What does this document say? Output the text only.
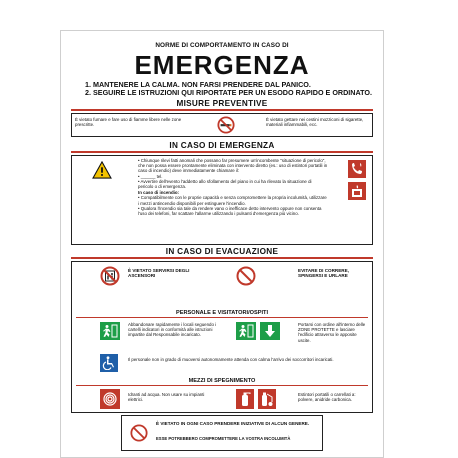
NORME DI COMPORTAMENTO IN CASO DI
EMERGENZA
1. MANTENERE LA CALMA. NON FARSI PRENDERE DAL PANICO.
2. SEGUIRE LE ISTRUZIONI QUI RIPORTATE PER UN ESODO RAPIDO E ORDINATO.
MISURE PREVENTIVE
È vietato fumare e fare uso di fiamme libere nelle zone prescritte.
È vietato gettare nei cestini mozziconi di sigarette, materiali infiammabili, ecc.
IN CASO DI EMERGENZA
• Chiunque rilevi fatti anomali che possano far presumere un'incombente "situazione di pericolo", che non possa essere prontamente eliminata con intervento diretto (es.: uso di estintori portatili in caso di incendio) deve immediatamente chiamare il:
• ______ tel.
• Avvertire dell'evento l'addetto allo sfollamento del piano in cui ha rilevato la situazione di pericolo o di emergenza.
In caso di incendio:
• Compatibilmente con le proprie capacità e senza compromettere la propria incolumità, utilizzare i mezzi antincendio disponibili per estinguere l'incendio.
• Qualora l'incendio sia tale da rendere vano o inefficace detto intervento oppure non consenta l'uso dei telefoni, far scattare l'allarme utilizzando i pulsanti d'emergenza più vicino.
IN CASO DI EVACUAZIONE
È VIETATO SERVIRSI DEGLI ASCENSORI
EVITARE DI CORRERE, SPINGERSI E URLARE
PERSONALE E VISITATORI/OSPITI
Abbandonare rapidamente i locali seguendo i cartelli indicatori in conformità alle istruzioni impartite dal Responsabile incaricato.
Portarsi con ordine all'interno delle ZONE PROTETTE e lasciare l'edificio attraverso le apposite uscite.
Il personale non in grado di muoversi autonomamente attenda con calma l'arrivo dei soccorritori incaricati.
MEZZI DI SPEGNIMENTO
Idranti ad acqua. Non usare su impianti elettrici.
Estintori portatili o carrellati a: polvere, anidride carbonica.
È VIETATO IN OGNI CASO PRENDERE INIZIATIVE DI ALCUN GENERE.
ESSE POTREBBERO COMPROMETTERE LA VOSTRA INCOLUMITÀ
